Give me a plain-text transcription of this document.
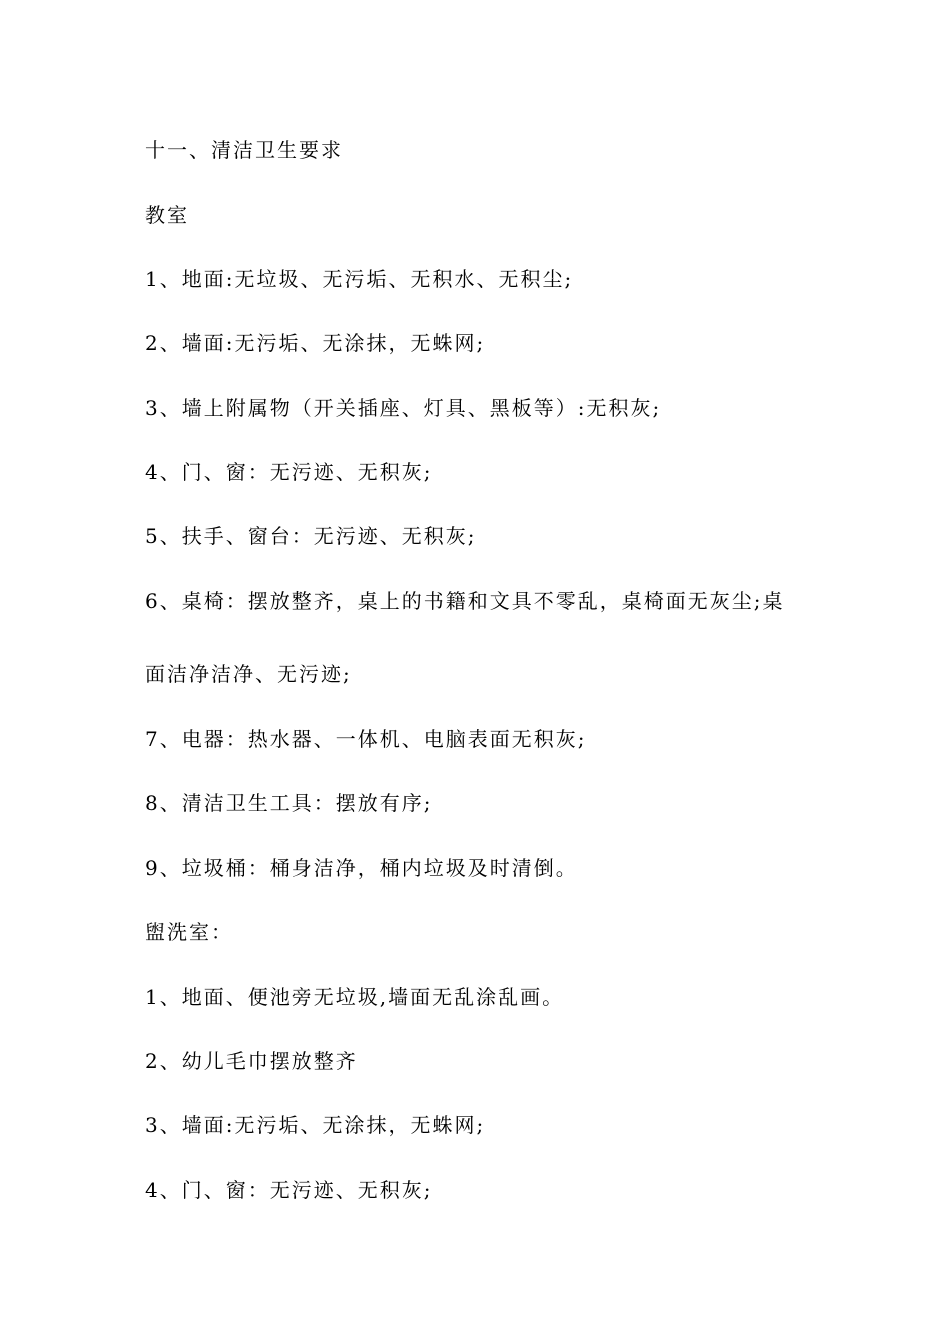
十一、清洁卫生要求
教室
1、地面:无垃圾、无污垢、无积水、无积尘;
2、墙面:无污垢、无涂抹，无蛛网;
3、墙上附属物（开关插座、灯具、黑板等）:无积灰;
4、门、窗：无污迹、无积灰;
5、扶手、窗台：无污迹、无积灰;
6、桌椅：摆放整齐，桌上的书籍和文具不零乱，桌椅面无灰尘;桌
面洁净洁净、无污迹;
7、电器：热水器、一体机、电脑表面无积灰;
8、清洁卫生工具：摆放有序;
9、垃圾桶：桶身洁净，桶内垃圾及时清倒。
盥洗室：
1、地面、便池旁无垃圾,墙面无乱涂乱画。
2、幼儿毛巾摆放整齐
3、墙面:无污垢、无涂抹，无蛛网;
4、门、窗：无污迹、无积灰;
